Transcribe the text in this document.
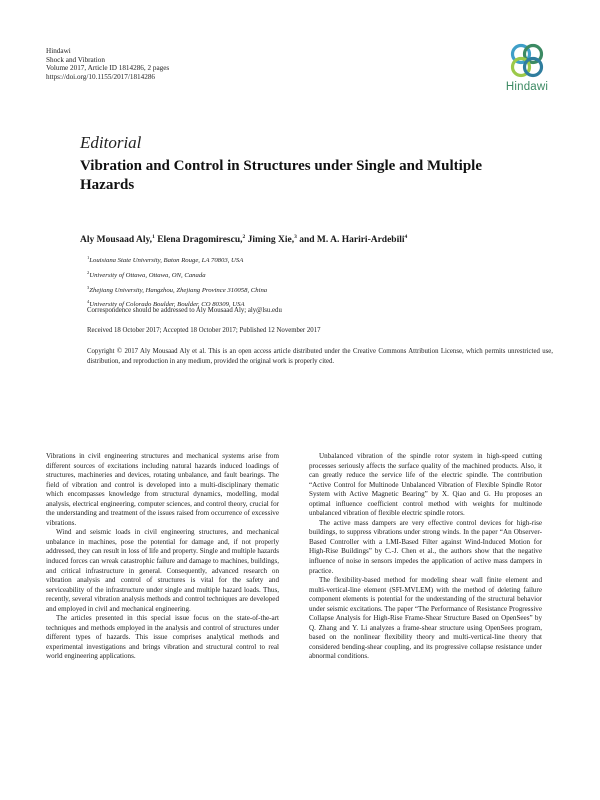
Hindawi
Shock and Vibration
Volume 2017, Article ID 1814286, 2 pages
https://doi.org/10.1155/2017/1814286
Hindawi
Editorial
Vibration and Control in Structures under Single and Multiple Hazards
Aly Mousaad Aly,$^1$ Elena Dragomirescu,$^2$ Jiming Xie,$^3$ and M. A. Hariri-Ardebili$^4$
$^1$Louisiana State University, Baton Rouge, LA 70803, USA
$^2$University of Ottawa, Ottawa, ON, Canada
$^3$Zhejiang University, Hangzhou, Zhejiang Province 310058, China
$^4$University of Colorado Boulder, Boulder, CO 80309, USA
Correspondence should be addressed to Aly Mousaad Aly; aly@lsu.edu
Received 18 October 2017; Accepted 18 October 2017; Published 12 November 2017
Copyright © 2017 Aly Mousaad Aly et al. This is an open access article distributed under the Creative Commons Attribution License, which permits unrestricted use, distribution, and reproduction in any medium, provided the original work is properly cited.

Vibrations in civil engineering structures and mechanical systems arise from different sources of excitations including natural hazards induced loadings of structures, machineries and devices, rotating unbalance, and fault bearings. The field of vibration and control is developed into a multi-disciplinary thematic which encompasses knowledge from structural dynamics, modelling, modal analysis, electrical engineering, computer sciences, and control theory, crucial for the understanding and treatment of the issues raised from occurrence of excessive vibrations.

Wind and seismic loads in civil engineering structures, and mechanical unbalance in machines, pose the potential for damage and, if not properly addressed, they can result in loss of life and property. Single and multiple hazards induced forces can wreak catastrophic failure and damage to machines, buildings, and critical infrastructure in general. Consequently, advanced research on vibration analysis and control of structures is vital for the safety and serviceability of the infrastructure under single and multiple hazard loads. Thus, recently, several vibration analysis methods and control techniques are developed and employed in civil and mechanical engineering.

The articles presented in this special issue focus on the state-of-the-art techniques and methods employed in the analysis and control of structures under different types of hazards. This issue comprises analytical methods and experimental investigations and brings vibration and structural control to real world engineering applications.

Unbalanced vibration of the spindle rotor system in high-speed cutting processes seriously affects the surface quality of the machined products. Also, it can greatly reduce the service life of the electric spindle. The contribution “Active Control for Multinode Unbalanced Vibration of Flexible Spindle Rotor System with Active Magnetic Bearing” by X. Qiao and G. Hu proposes an optimal influence coefficient control method with weights for multinode unbalanced vibration of flexible electric spindle rotors.

The active mass dampers are very effective control devices for high-rise buildings, to suppress vibrations under strong winds. In the paper “An Observer-Based Controller with a LMI-Based Filter against Wind-Induced Motion for High-Rise Buildings” by C.-J. Chen et al., the authors show that the negative influence of noise in sensors impedes the application of active mass dampers in practice.

The flexibility-based method for modeling shear wall finite element and multi-vertical-line element (SFI-MVLEM) with the method of deleting failure component elements is potential for the understanding of the structural behavior under seismic excitations. The paper “The Performance of Resistance Progressive Collapse Analysis for High-Rise Frame-Shear Structure Based on OpenSees” by Q. Zhang and Y. Li analyzes a frame-shear structure using OpenSees program, based on the nonlinear flexibility theory and multi-vertical-line theory that considered bending-shear coupling, and its progressive collapse resistance under abnormal conditions.
